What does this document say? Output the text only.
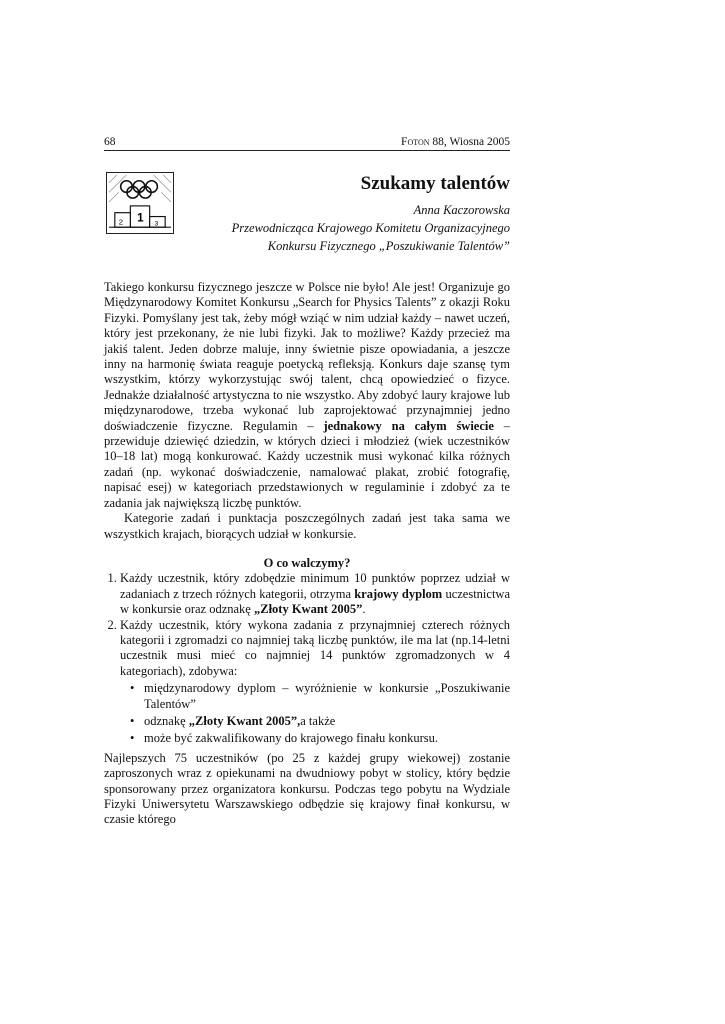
68	Foton 88, Wiosna 2005
1
2	3
Szukamy talentów
Anna Kaczorowska
Przewodnicząca Krajowego Komitetu Organizacyjnego
Konkursu Fizycznego „Poszukiwanie Talentów”

Takiego konkursu fizycznego jeszcze w Polsce nie było! Ale jest! Organizuje go Międzynarodowy Komitet Konkursu „Search for Physics Talents” z okazji Roku Fizyki. Pomyślany jest tak, żeby mógł wziąć w nim udział każdy – nawet uczeń, który jest przekonany, że nie lubi fizyki. Jak to możliwe? Każdy przecież ma jakiś talent. Jeden dobrze maluje, inny świetnie pisze opowiadania, a jeszcze inny na harmonię świata reaguje poetycką refleksją. Konkurs daje szansę tym wszystkim, którzy wykorzystując swój talent, chcą opowiedzieć o fizyce. Jednakże działalność artystyczna to nie wszystko. Aby zdobyć laury krajowe lub międzynarodowe, trzeba wykonać lub zaprojektować przynajmniej jedno doświadczenie fizyczne. Regulamin – jednakowy na całym świecie – przewiduje dziewięć dziedzin, w których dzieci i młodzież (wiek uczestników 10–18 lat) mogą konkurować. Każdy uczestnik musi wykonać kilka różnych zadań (np. wykonać doświadczenie, namalować plakat, zrobić fotografię, napisać esej) w kategoriach przedstawionych w regulaminie i zdobyć za te zadania jak największą liczbę punktów.

Kategorie zadań i punktacja poszczególnych zadań jest taka sama we wszystkich krajach, biorących udział w konkursie.

O co walczymy?
1. Każdy uczestnik, który zdobędzie minimum 10 punktów poprzez udział w zadaniach z trzech różnych kategorii, otrzyma krajowy dyplom uczestnictwa w konkursie oraz odznakę „Złoty Kwant 2005”.
2. Każdy uczestnik, który wykona zadania z przynajmniej czterech różnych kategorii i zgromadzi co najmniej taką liczbę punktów, ile ma lat (np.14-letni uczestnik musi mieć co najmniej 14 punktów zgromadzonych w 4 kategoriach), zdobywa:
• międzynarodowy dyplom – wyróżnienie w konkursie „Poszukiwanie Talentów”
• odznakę „Złoty Kwant 2005”,a także
• może być zakwalifikowany do krajowego finału konkursu.

Najlepszych 75 uczestników (po 25 z każdej grupy wiekowej) zostanie zaproszonych wraz z opiekunami na dwudniowy pobyt w stolicy, który będzie sponsorowany przez organizatora konkursu. Podczas tego pobytu na Wydziale Fizyki Uniwersytetu Warszawskiego odbędzie się krajowy finał konkursu, w czasie którego
